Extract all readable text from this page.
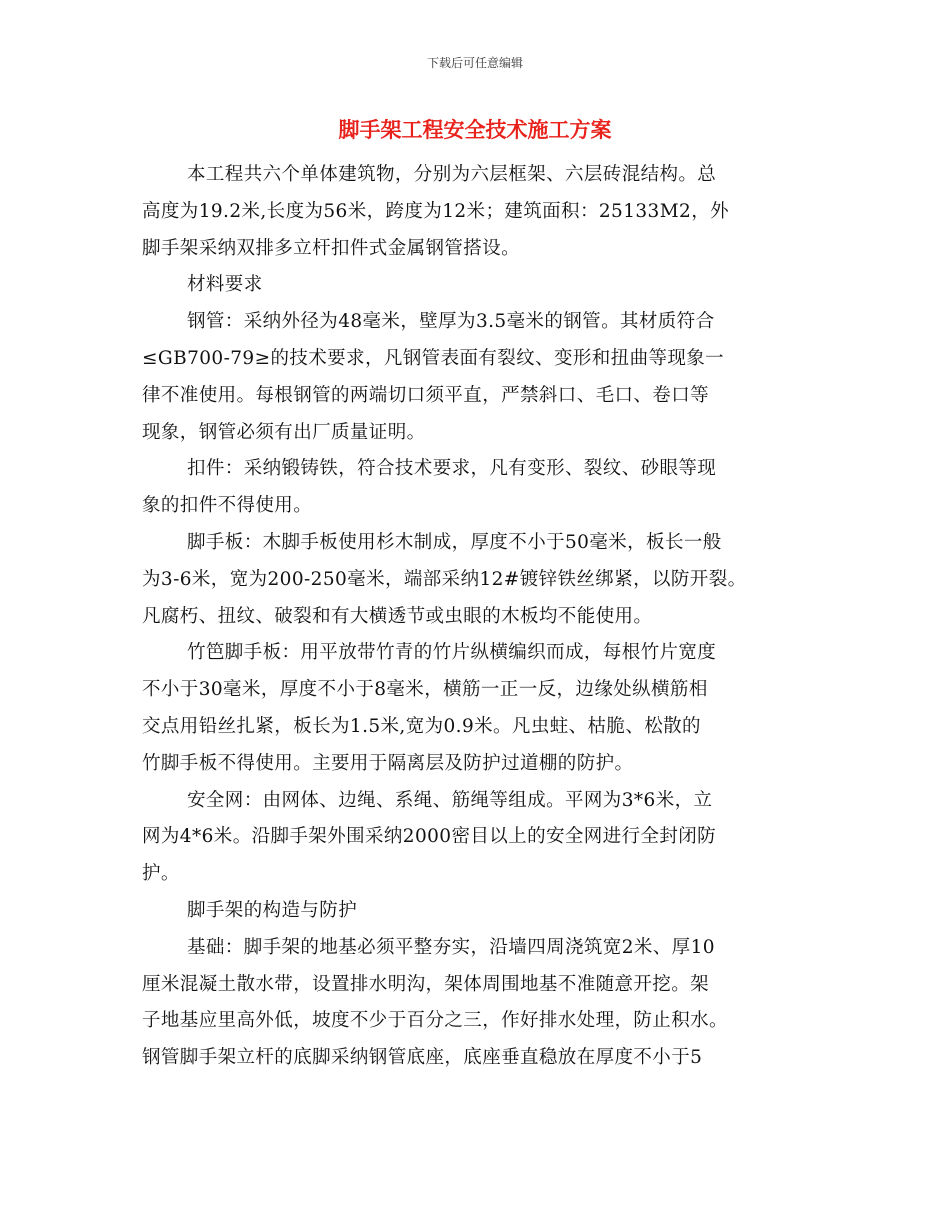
下载后可任意编辑
脚手架工程安全技术施工方案
本工程共六个单体建筑物，分别为六层框架、六层砖混结构。总
高度为19.2米,长度为56米，跨度为12米；建筑面积：25133M2，外
脚手架采纳双排多立杆扣件式金属钢管搭设。
材料要求
钢管：采纳外径为48毫米，壁厚为3.5毫米的钢管。其材质符合
≤GB700-79≥的技术要求，凡钢管表面有裂纹、变形和扭曲等现象一
律不准使用。每根钢管的两端切口须平直，严禁斜口、毛口、卷口等
现象，钢管必须有出厂质量证明。
扣件：采纳锻铸铁，符合技术要求，凡有变形、裂纹、砂眼等现
象的扣件不得使用。
脚手板：木脚手板使用杉木制成，厚度不小于50毫米，板长一般
为3-6米，宽为200-250毫米，端部采纳12#镀锌铁丝绑紧，以防开裂。
凡腐朽、扭纹、破裂和有大横透节或虫眼的木板均不能使用。
竹笆脚手板：用平放带竹青的竹片纵横编织而成，每根竹片宽度
不小于30毫米，厚度不小于8毫米，横筋一正一反，边缘处纵横筋相
交点用铅丝扎紧，板长为1.5米,宽为0.9米。凡虫蛀、枯脆、松散的
竹脚手板不得使用。主要用于隔离层及防护过道棚的防护。
安全网：由网体、边绳、系绳、筋绳等组成。平网为3*6米，立
网为4*6米。沿脚手架外围采纳2000密目以上的安全网进行全封闭防
护。
脚手架的构造与防护
基础：脚手架的地基必须平整夯实，沿墙四周浇筑宽2米、厚10
厘米混凝土散水带，设置排水明沟，架体周围地基不准随意开挖。架
子地基应里高外低，坡度不少于百分之三，作好排水处理，防止积水。
钢管脚手架立杆的底脚采纳钢管底座，底座垂直稳放在厚度不小于5
